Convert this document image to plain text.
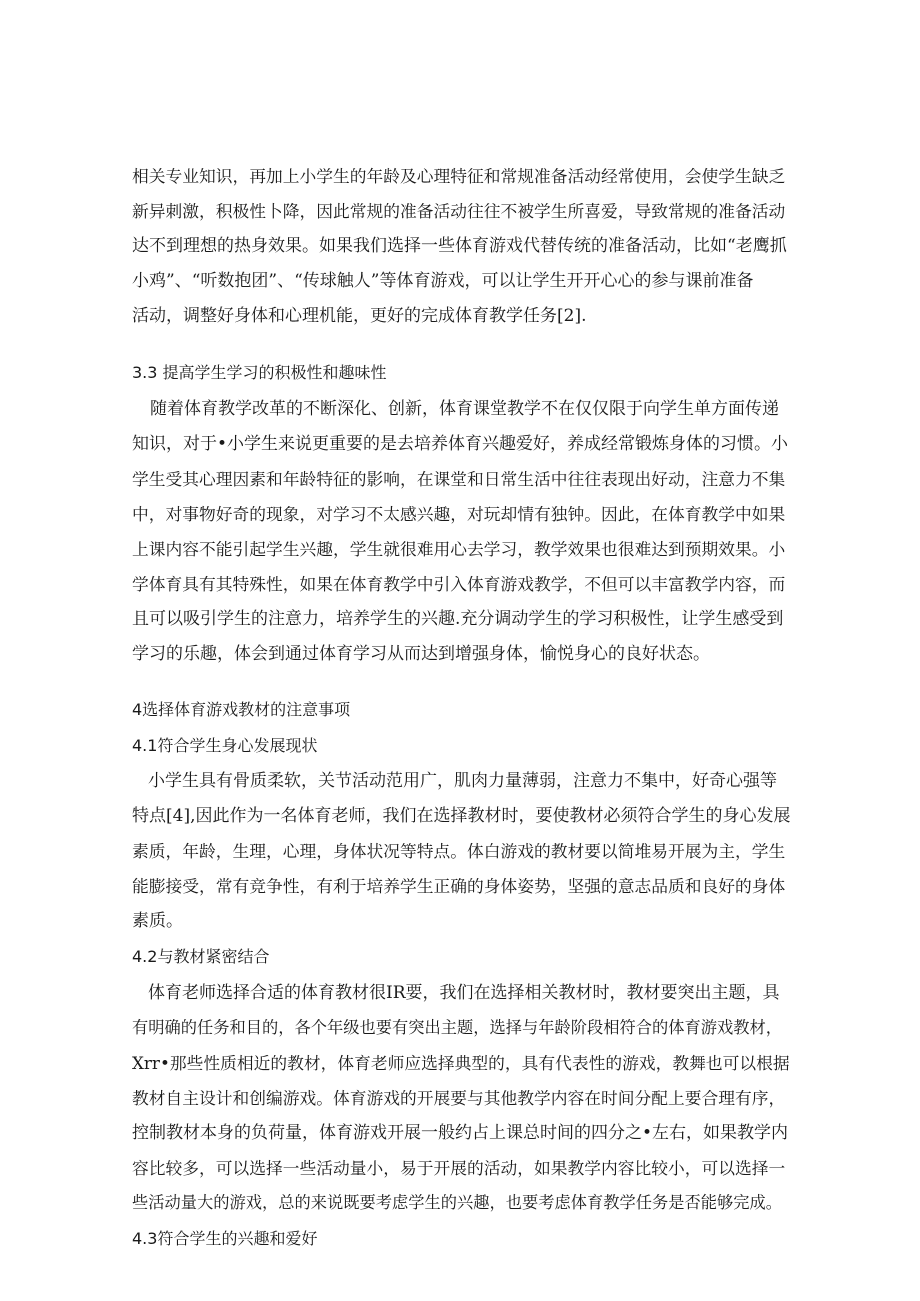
相关专业知识，再加上小学生的年龄及心理特征和常规准备活动经常使用，会使学生缺乏
新异刺激，积极性卜降，因此常规的准备活动往往不被学生所喜爱，导致常规的准备活动
达不到理想的热身效果。如果我们选择一些体育游戏代替传统的准备活动，比如“老鹰抓
小鸡”、“听数抱团”、“传球触人”等体育游戏，可以让学生开开心心的参与课前准备
活动，调整好身体和心理机能，更好的完成体育教学任务[2].
3.3 提高学生学习的积极性和趣味性
随着体育教学改革的不断深化、创新，体育课堂教学不在仅仅限于向学生单方面传递
知识，对于•小学生来说更重要的是去培养体育兴趣爱好，养成经常锻炼身体的习惯。小
学生受其心理因素和年龄特征的影响，在课堂和日常生活中往往表现出好动，注意力不集
中，对事物好奇的现象，对学习不太感兴趣，对玩却情有独钟。因此，在体育教学中如果
上课内容不能引起学生兴趣，学生就很难用心去学习，教学效果也很难达到预期效果。小
学体育具有其特殊性，如果在体育教学中引入体育游戏教学，不但可以丰富教学内容，而
且可以吸引学生的注意力，培养学生的兴趣.充分调动学生的学习积极性，让学生感受到
学习的乐趣，体会到通过体育学习从而达到增强身体，愉悦身心的良好状态。
4选择体育游戏教材的注意事项
4.1符合学生身心发展现状
小学生具有骨质柔软，关节活动范用广，肌肉力量薄弱，注意力不集中，好奇心强等
特点[4],因此作为一名体育老师，我们在选择教材时，要使教材必须符合学生的身心发展
素质，年龄，生理，心理，身体状况等特点。体白游戏的教材要以简堆易开展为主，学生
能膨接受，常有竞争性，有利于培养学生正确的身体姿势，坚强的意志品质和良好的身体
素质。
4.2与教材紧密结合
体育老师选择合适的体育教材很IR要，我们在选择相关教材时，教材要突出主题，具
有明确的任务和目的，各个年级也要有突出主题，选择与年龄阶段相符合的体育游戏教材，
Xrr•那些性质相近的教材，体育老师应选择典型的，具有代表性的游戏，教舞也可以根据
教材自主设计和创编游戏。体育游戏的开展要与其他教学内容在时间分配上要合理有序，
控制教材本身的负荷量，体育游戏开展一般约占上课总时间的四分之•左右，如果教学内
容比较多，可以选择一些活动量小，易于开展的活动，如果教学内容比较小，可以选择一
些活动量大的游戏，总的来说既要考虑学生的兴趣，也要考虑体育教学任务是否能够完成。
4.3符合学生的兴趣和爱好
